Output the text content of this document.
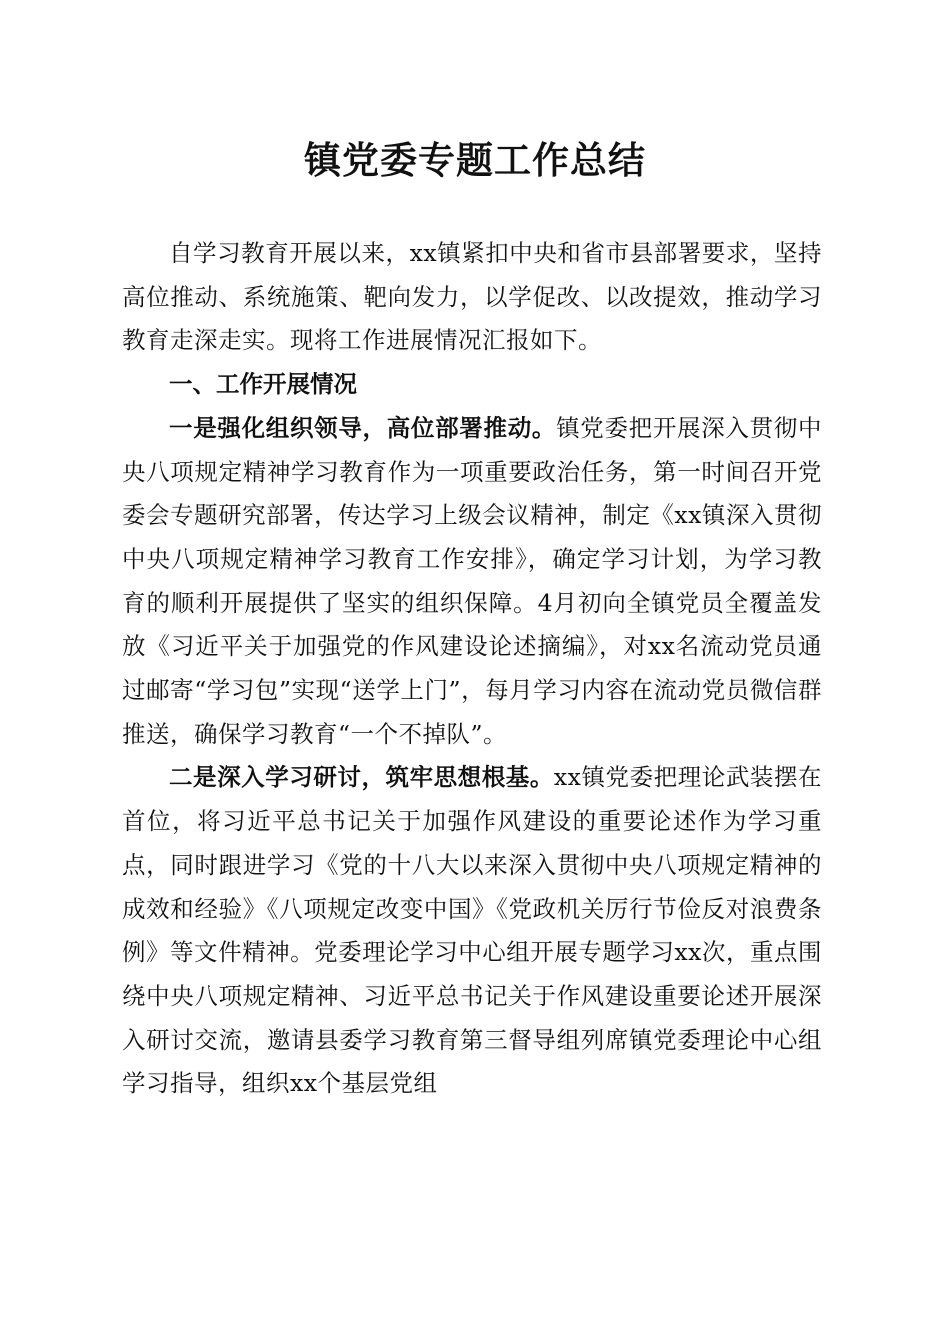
镇党委专题工作总结

自学习教育开展以来，xx镇紧扣中央和省市县部署要求，坚持高位推动、系统施策、靶向发力，以学促改、以改提效，推动学习教育走深走实。现将工作进展情况汇报如下。

一、工作开展情况

一是强化组织领导，高位部署推动。镇党委把开展深入贯彻中央八项规定精神学习教育作为一项重要政治任务，第一时间召开党委会专题研究部署，传达学习上级会议精神，制定《xx镇深入贯彻中央八项规定精神学习教育工作安排》，确定学习计划，为学习教育的顺利开展提供了坚实的组织保障。4月初向全镇党员全覆盖发放《习近平关于加强党的作风建设论述摘编》，对xx名流动党员通过邮寄“学习包”实现“送学上门”，每月学习内容在流动党员微信群推送，确保学习教育“一个不掉队”。

二是深入学习研讨，筑牢思想根基。xx镇党委把理论武装摆在首位，将习近平总书记关于加强作风建设的重要论述作为学习重点，同时跟进学习《党的十八大以来深入贯彻中央八项规定精神的成效和经验》《八项规定改变中国》《党政机关厉行节俭反对浪费条例》等文件精神。党委理论学习中心组开展专题学习xx次，重点围绕中央八项规定精神、习近平总书记关于作风建设重要论述开展深入研讨交流，邀请县委学习教育第三督导组列席镇党委理论中心组学习指导，组织xx个基层党组
